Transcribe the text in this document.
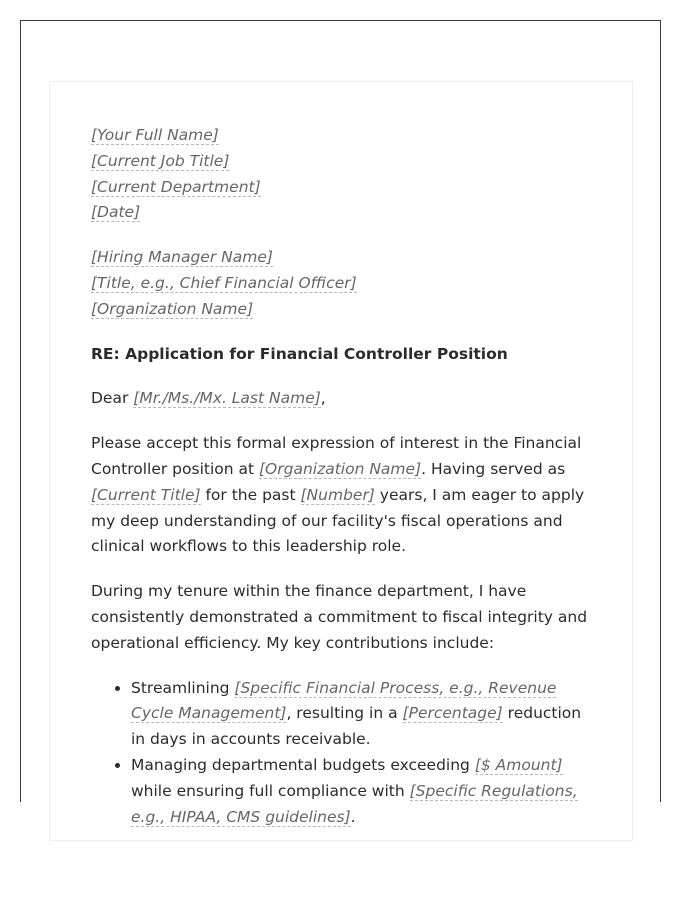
[Your Full Name]
[Current Job Title]
[Current Department]
[Date]
[Hiring Manager Name]
[Title, e.g., Chief Financial Officer]
[Organization Name]
RE: Application for Financial Controller Position

Dear [Mr./Ms./Mx. Last Name],

Please accept this formal expression of interest in the Financial Controller position at [Organization Name]. Having served as [Current Title] for the past [Number] years, I am eager to apply my deep understanding of our facility's fiscal operations and clinical workflows to this leadership role.

During my tenure within the finance department, I have consistently demonstrated a commitment to fiscal integrity and operational efficiency. My key contributions include:

• Streamlining [Specific Financial Process, e.g., Revenue Cycle Management], resulting in a [Percentage] reduction in days in accounts receivable.
• Managing departmental budgets exceeding [$ Amount] while ensuring full compliance with [Specific Regulations, e.g., HIPAA, CMS guidelines].
